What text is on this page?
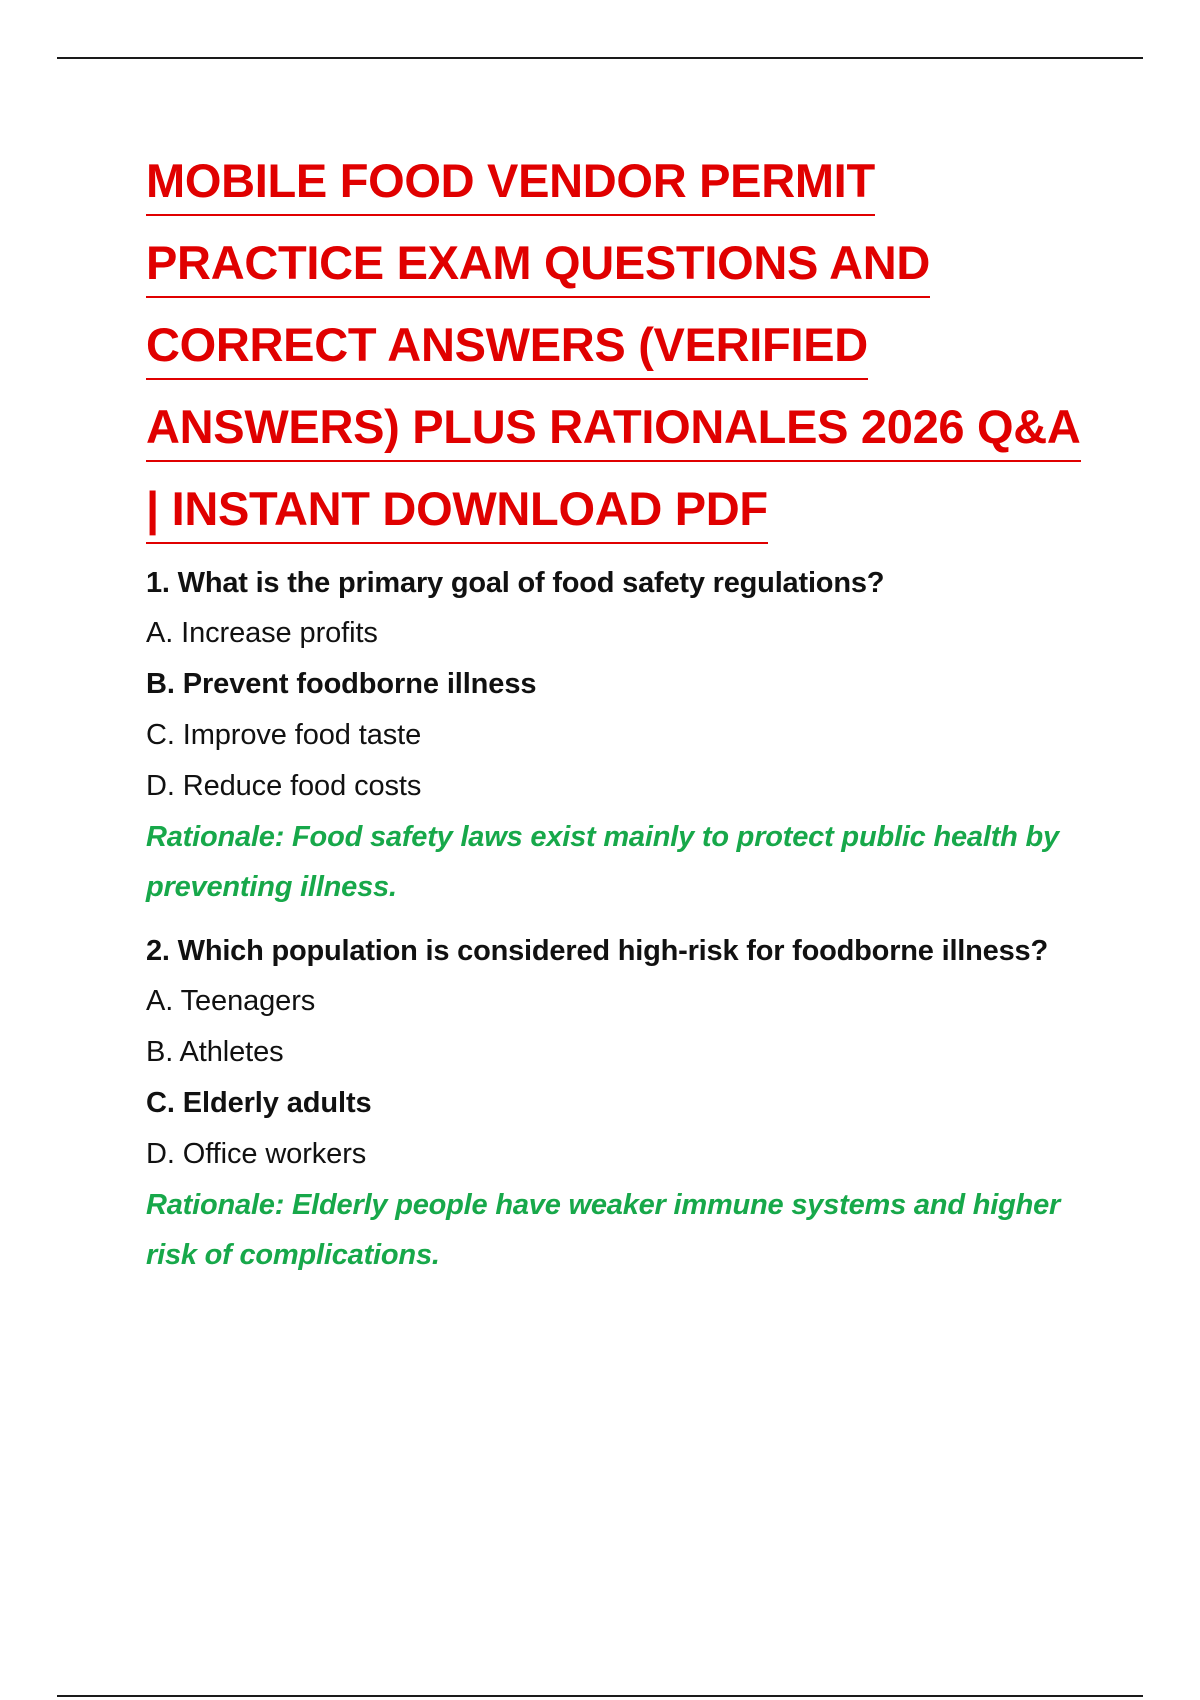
MOBILE FOOD VENDOR PERMIT
PRACTICE EXAM QUESTIONS AND
CORRECT ANSWERS (VERIFIED
ANSWERS) PLUS RATIONALES 2026 Q&A
| INSTANT DOWNLOAD PDF

1. What is the primary goal of food safety regulations?

A. Increase profits

B. Prevent foodborne illness

C. Improve food taste

D. Reduce food costs

Rationale: Food safety laws exist mainly to protect public health by preventing illness.

2. Which population is considered high-risk for foodborne illness?

A. Teenagers

B. Athletes

C. Elderly adults

D. Office workers

Rationale: Elderly people have weaker immune systems and higher risk of complications.
